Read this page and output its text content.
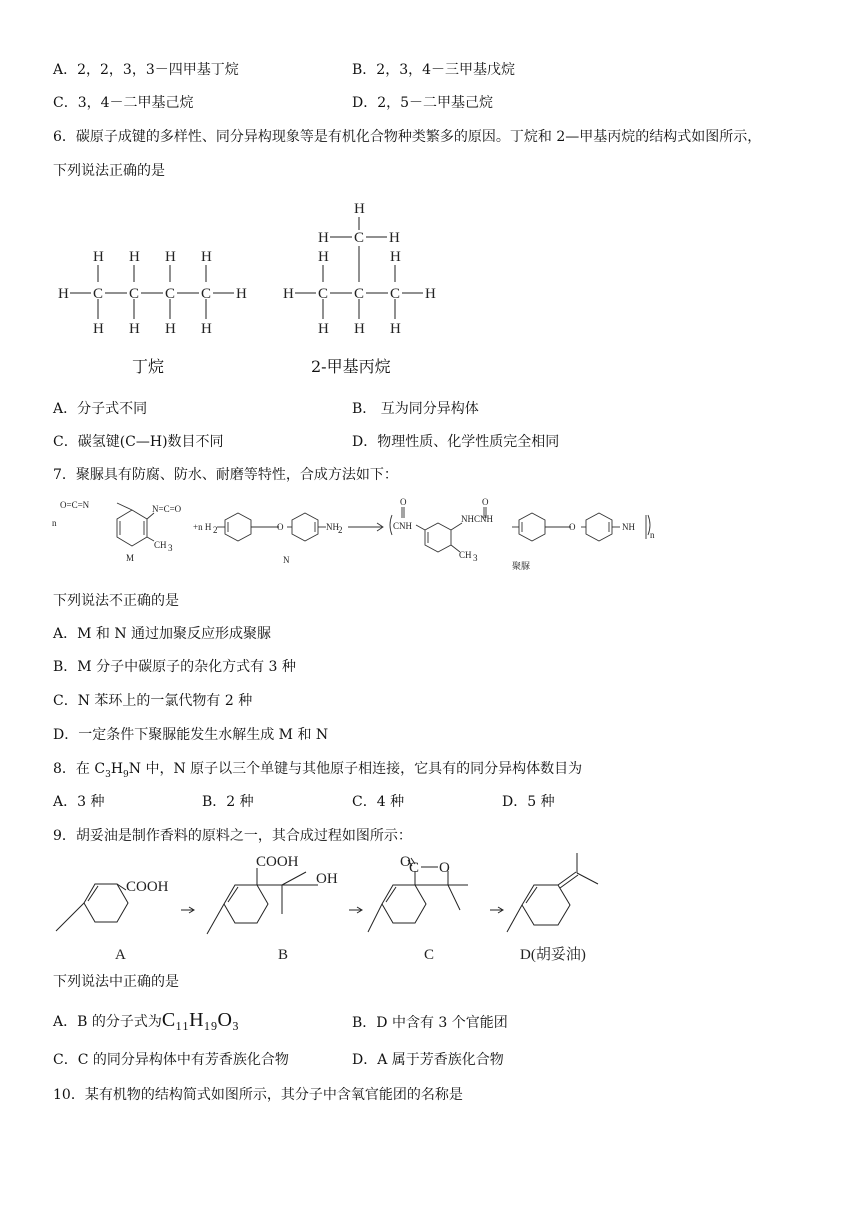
A．2，2，3，3－四甲基丁烷	B．2，3，4－三甲基戊烷
C．3，4－二甲基己烷	D．2，5－二甲基己烷
6．碳原子成键的多样性、同分异构现象等是有机化合物种类繁多的原因。丁烷和 2—甲基丙烷的结构式如图所示，
下列说法正确的是
H C
H
H
C
H
H
C
H
H
C
H
H
H
H
H C H
H C
H
H
C
H
C
H
H
H
丁烷	2-甲基丙烷
A．分子式不同	B． 互为同分异构体
C．碳氢键(C—H)数目不同	D．物理性质、化学性质完全相同
7．聚脲具有防腐、防水、耐磨等特性，合成方法如下：
O=C=N
n
N=C=O
CH 3
M
+n H 2	O	NH 2
N
O
CNH
NHCNH
O
CH 3
O	NH
n
聚脲
下列说法不正确的是
A．M 和 N 通过加聚反应形成聚脲
B．M 分子中碳原子的杂化方式有 3 种
C．N 苯环上的一氯代物有 2 种
D．一定条件下聚脲能发生水解生成 M 和 N
8．在 $C_3H_9N$ 中，N 原子以三个单键与其他原子相连接，它具有的同分异构体数目为
A．3 种	B．2 种	C．4 种	D．5 种
9．胡妥油是制作香料的原料之一，其合成过程如图所示：
COOH
A
COOH
OH
B
O
C O
C	D(胡妥油)
下列说法中正确的是
A．B 的分子式为C₁₁H₁₉O₃	B．D 中含有 3 个官能团
C．C 的同分异构体中有芳香族化合物	D．A 属于芳香族化合物
10．某有机物的结构简式如图所示，其分子中含氧官能团的名称是
